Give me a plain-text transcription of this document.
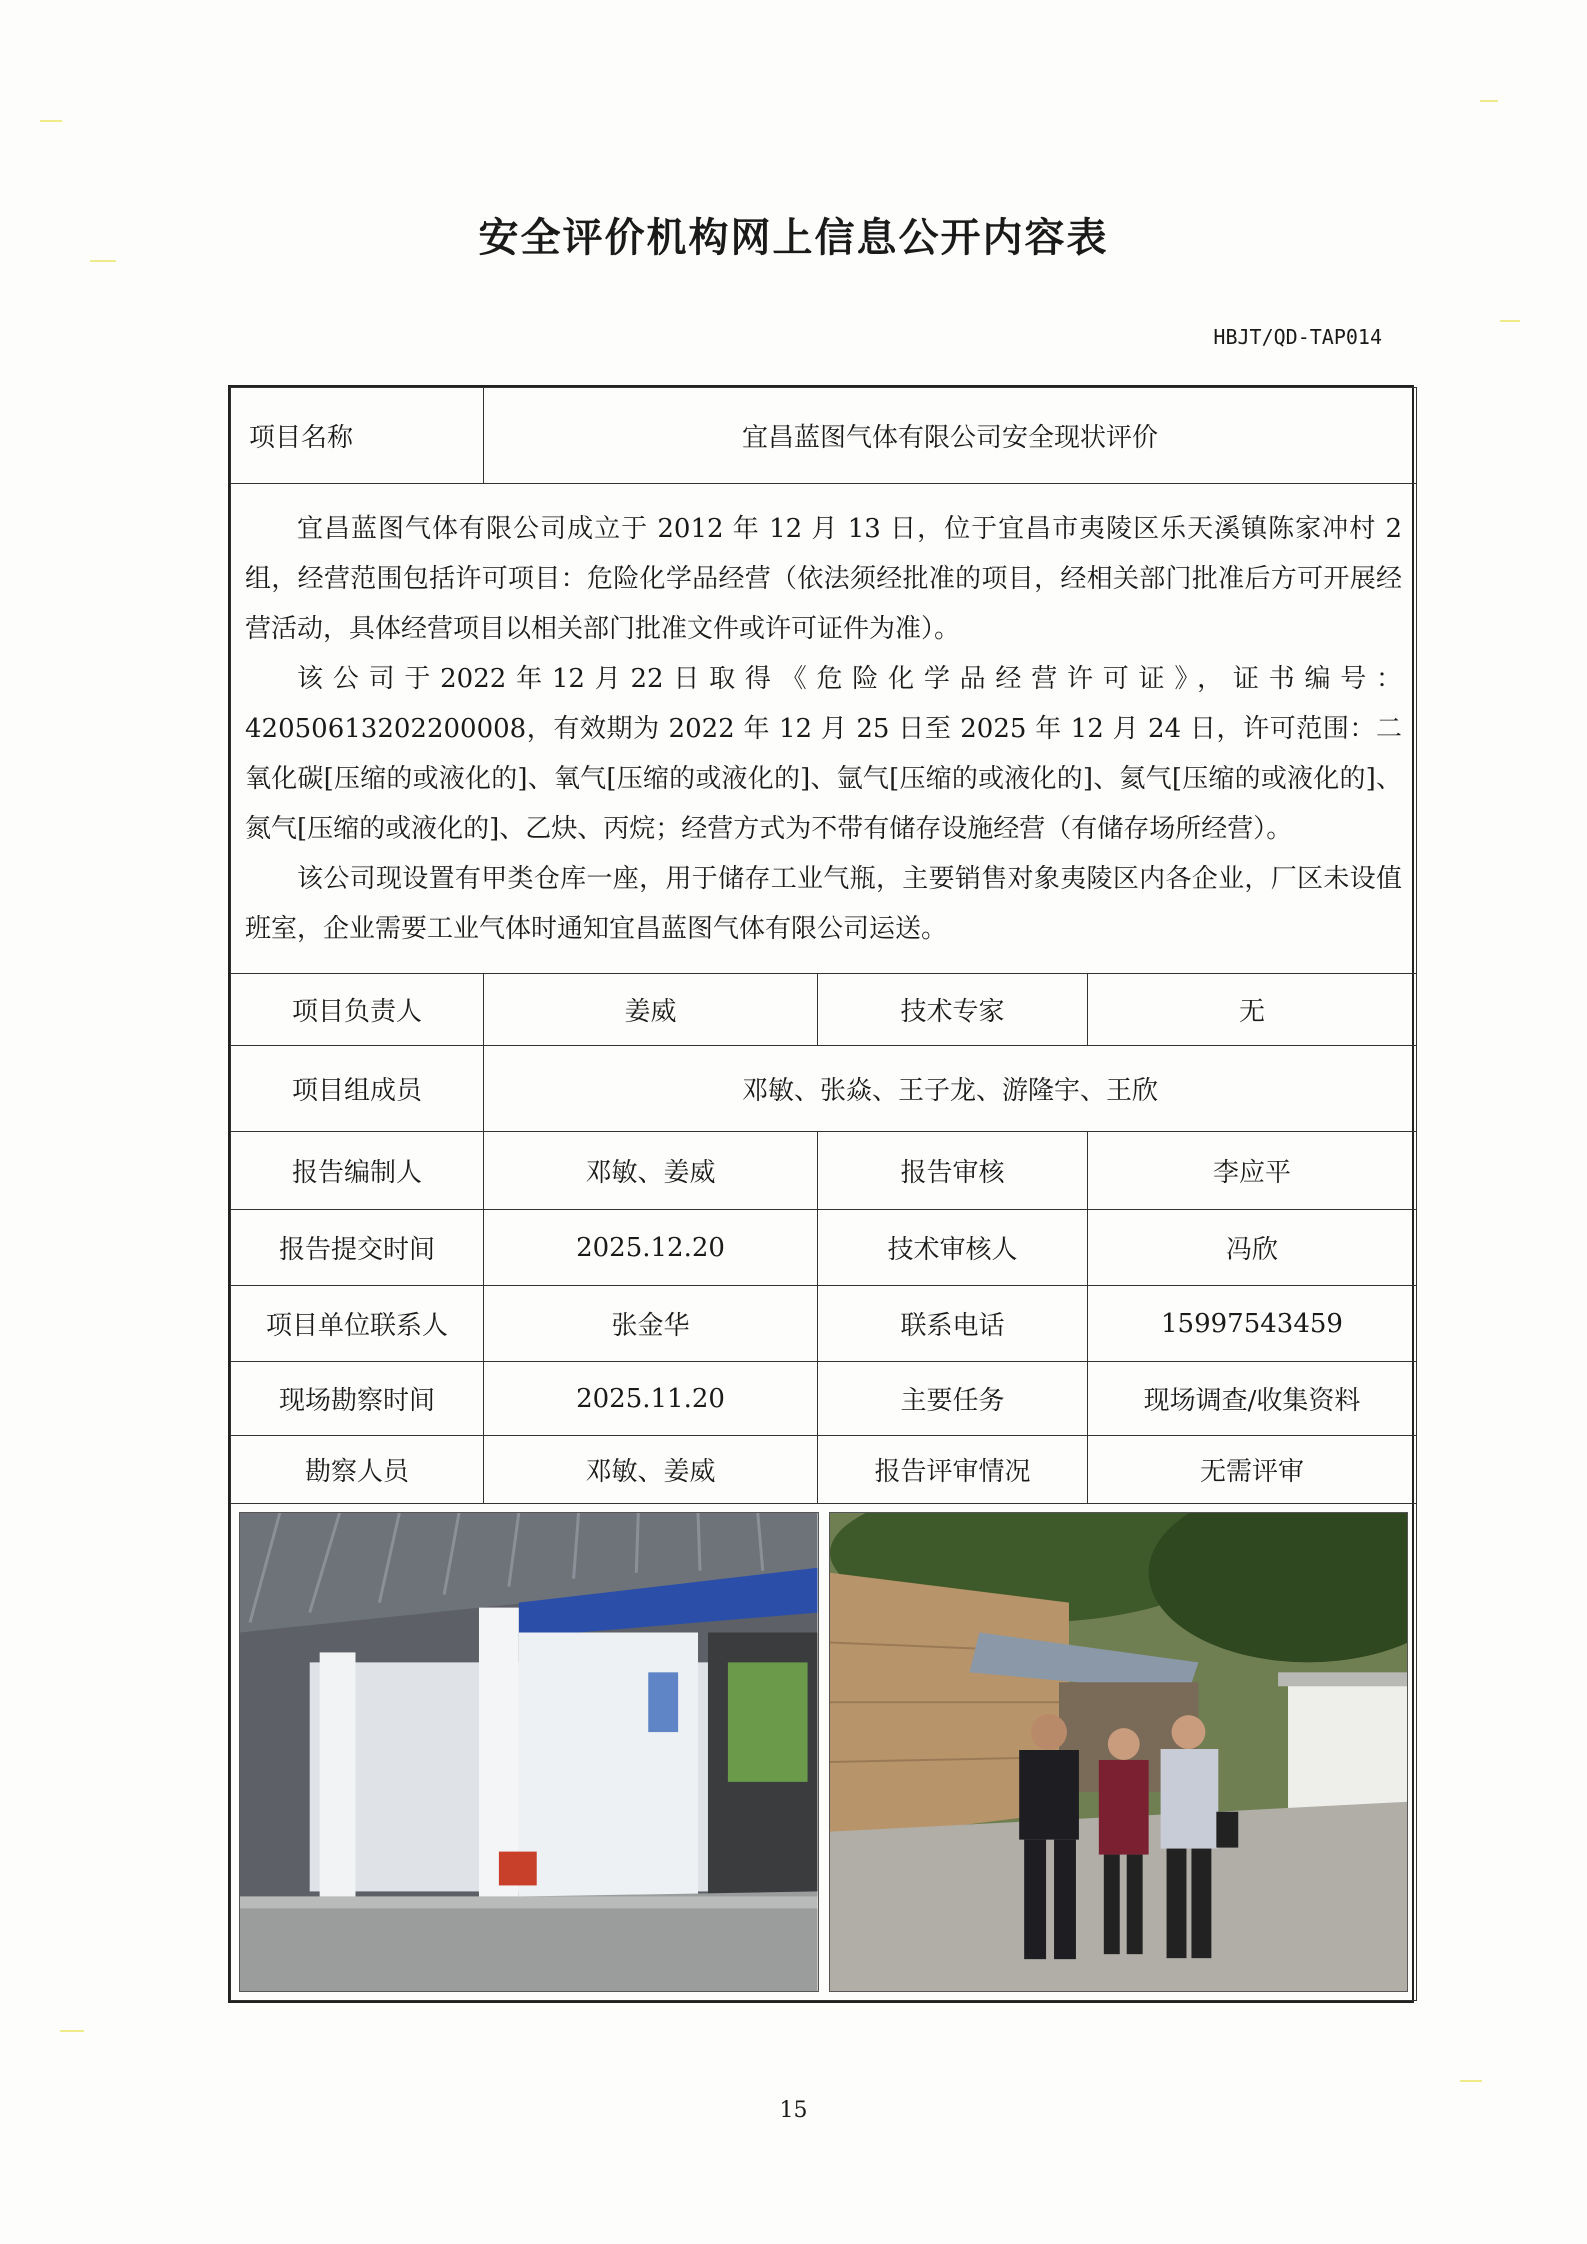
安全评价机构网上信息公开内容表
HBJT/QD-TAP014
项目名称	宜昌蓝图气体有限公司安全现状评价		

宜昌蓝图气体有限公司成立于 2012 年 12 月 13 日，位于宜昌市夷陵区乐天溪镇陈家冲村 2 组，经营范围包括许可项目：危险化学品经营（依法须经批准的项目，经相关部门批准后方可开展经营活动，具体经营项目以相关部门批准文件或许可证件为准）。

该公司于2022年12月22日取得《危险化学品经营许可证》，证书编号：42050613202200008，有效期为 2022 年 12 月 25 日至 2025 年 12 月 24 日，许可范围：二氧化碳[压缩的或液化的]、氧气[压缩的或液化的]、氩气[压缩的或液化的]、氦气[压缩的或液化的]、氮气[压缩的或液化的]、乙炔、丙烷；经营方式为不带有储存设施经营（有储存场所经营）。

该公司现设置有甲类仓库一座，用于储存工业气瓶，主要销售对象夷陵区内各企业，厂区未设值班室，企业需要工业气体时通知宜昌蓝图气体有限公司运送。			

项目负责人	姜威	技术专家	无
项目组成员	邓敏、张焱、王子龙、游隆宇、王欣		
报告编制人	邓敏、姜威	报告审核	李应平
报告提交时间	2025.12.20	技术审核人	冯欣
项目单位联系人	张金华	联系电话	15997543459
现场勘察时间	2025.11.20	主要任务	现场调查/收集资料
勘察人员	邓敏、姜威	报告评审情况	无需评审

15
